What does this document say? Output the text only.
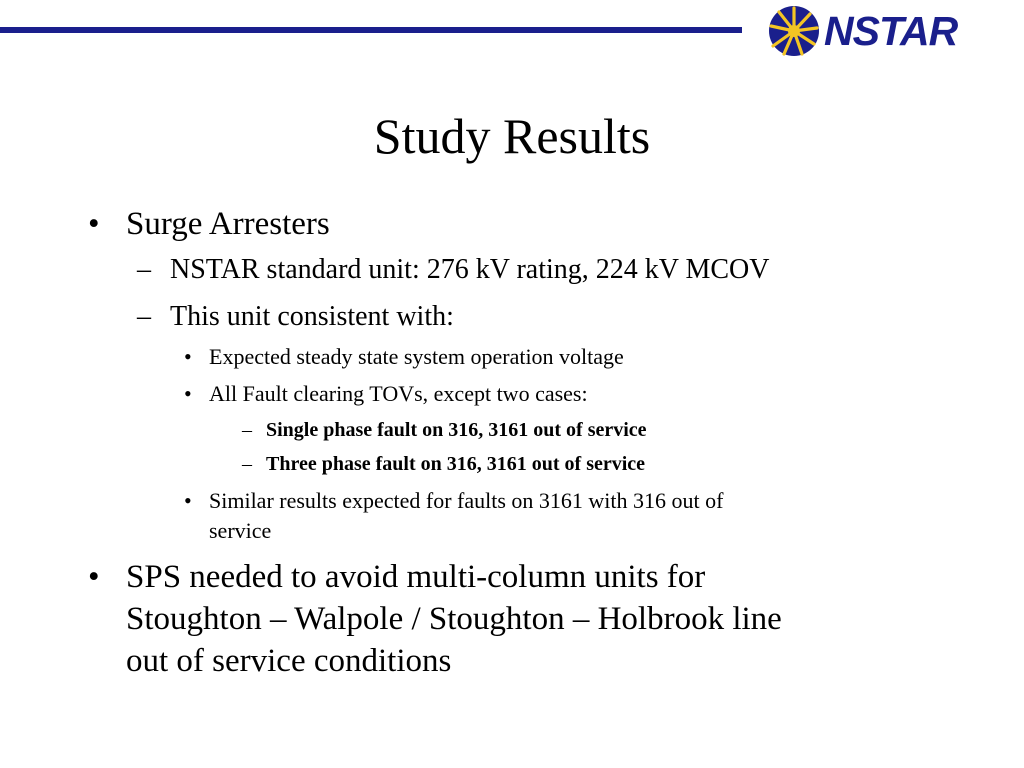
NSTAR
Study Results
• Surge Arresters
– NSTAR standard unit: 276 kV rating, 224 kV MCOV
– This unit consistent with:
• Expected steady state system operation voltage
• All Fault clearing TOVs, except two cases:
– Single phase fault on 316, 3161 out of service
– Three phase fault on 316, 3161 out of service
• Similar results expected for faults on 3161 with 316 out of
service
• SPS needed to avoid multi-column units for
Stoughton – Walpole / Stoughton – Holbrook line
out of service conditions
